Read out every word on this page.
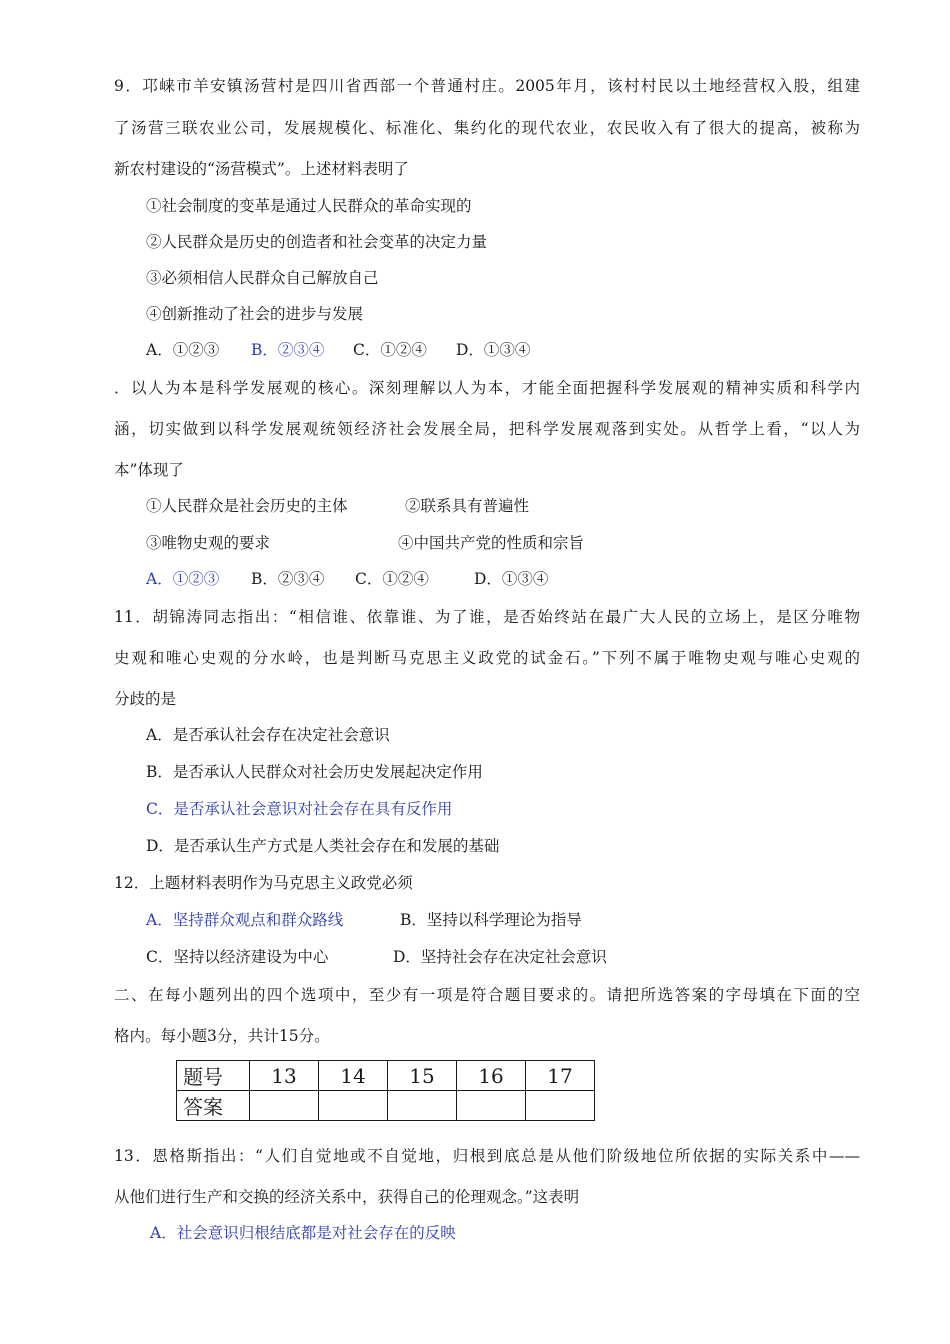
9．邛崃市羊安镇汤营村是四川省西部一个普通村庄。2005年月，该村村民以土地经营权入股，组建
了汤营三联农业公司，发展规模化、标准化、集约化的现代农业，农民收入有了很大的提高，被称为
新农村建设的“汤营模式”。上述材料表明了
①社会制度的变革是通过人民群众的革命实现的
②人民群众是历史的创造者和社会变革的决定力量
③必须相信人民群众自己解放自己
④创新推动了社会的进步与发展
A．①②③ B．②③④ C．①②④ D．①③④
．以人为本是科学发展观的核心。深刻理解以人为本，才能全面把握科学发展观的精神实质和科学内
涵，切实做到以科学发展观统领经济社会发展全局，把科学发展观落到实处。从哲学上看，“以人为
本”体现了
①人民群众是社会历史的主体	②联系具有普遍性
③唯物史观的要求	④中国共产党的性质和宗旨
A．①②③ B．②③④ C．①②④	D．①③④
11．胡锦涛同志指出：“相信谁、依靠谁、为了谁，是否始终站在最广大人民的立场上，是区分唯物
史观和唯心史观的分水岭，也是判断马克思主义政党的试金石。”下列不属于唯物史观与唯心史观的
分歧的是
A．是否承认社会存在决定社会意识
B．是否承认人民群众对社会历史发展起决定作用
C．是否承认社会意识对社会存在具有反作用
D．是否承认生产方式是人类社会存在和发展的基础
12．上题材料表明作为马克思主义政党必须
A．坚持群众观点和群众路线	B．坚持以科学理论为指导
C．坚持以经济建设为中心	D．坚持社会存在决定社会意识
二、在每小题列出的四个选项中，至少有一项是符合题目要求的。请把所选答案的字母填在下面的空
格内。每小题3分，共计15分。
题号	13	14	15	16	17
答案					
13．恩格斯指出：“人们自觉地或不自觉地，归根到底总是从他们阶级地位所依据的实际关系中——
从他们进行生产和交换的经济关系中，获得自己的伦理观念。”这表明
A．社会意识归根结底都是对社会存在的反映
